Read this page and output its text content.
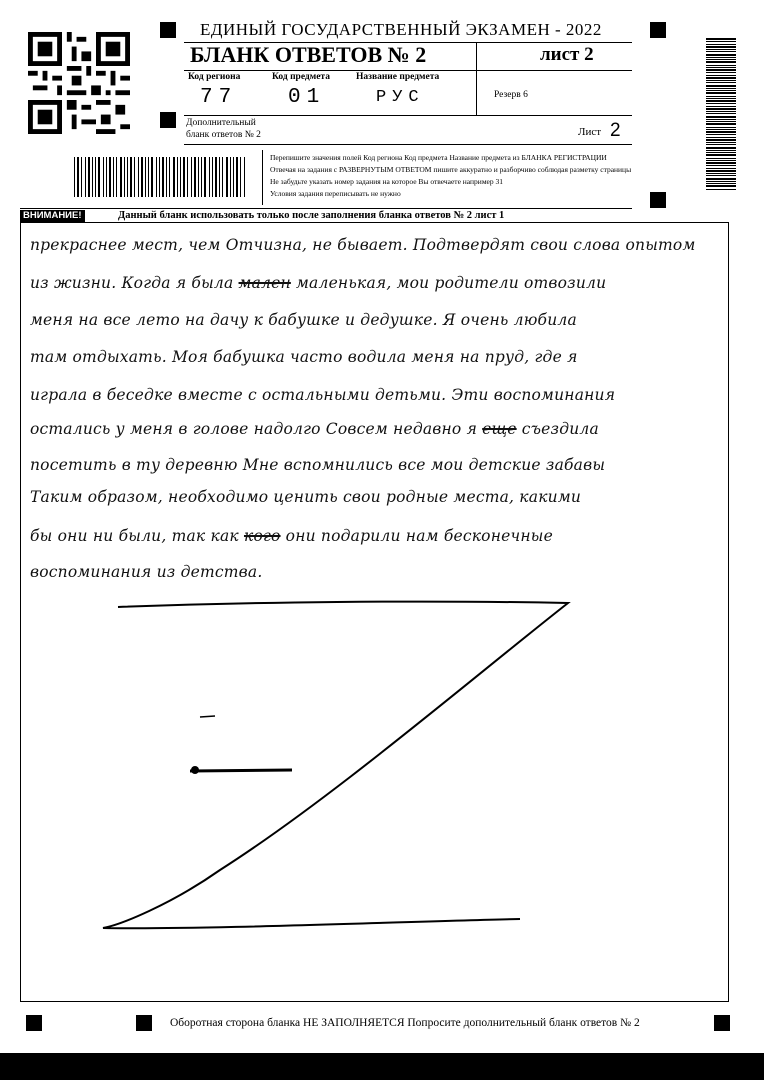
ЕДИНЫЙ ГОСУДАРСТВЕННЫЙ ЭКЗАМЕН - 2022
БЛАНК ОТВЕТОВ № 2	лист 2
Код региона	Код предмета	Название предмета
77 01	РУС	Резерв 6
Дополнительный
бланк ответов № 2	Лист 2
Перепишите значения полей Код региона Код предмета Название предмета из БЛАНКА РЕГИСТРАЦИИ
Отвечая на задания с РАЗВЕРНУТЫМ ОТВЕТОМ пишите аккуратно и разборчиво соблюдая разметку страницы
Не забудьте указать номер задания на которое Вы отвечаете например 31
Условия задания переписывать не нужно
ВНИМАНИЕ!	Данный бланк использовать только после заполнения бланка ответов № 2 лист 1
прекраснее мест, чем Отчизна, не бывает. Подтвердят свои слова опытом
из жизни. Когда я была мален маленькая, мои родители отвозили
меня на все лето на дачу к бабушке и дедушке. Я очень любила
там отдыхать. Моя бабушка часто водила меня на пруд, где я
играла в беседке вместе с остальными детьми. Эти воспоминания
остались у меня в голове надолго Совсем недавно я еще съездила
посетить в ту деревню Мне вспомнились все мои детские забавы
Таким образом, необходимо ценить свои родные места, какими
бы они ни были, так как кого они подарили нам бесконечные
воспоминания из детства.
Оборотная сторона бланка НЕ ЗАПОЛНЯЕТСЯ Попросите дополнительный бланк ответов № 2
